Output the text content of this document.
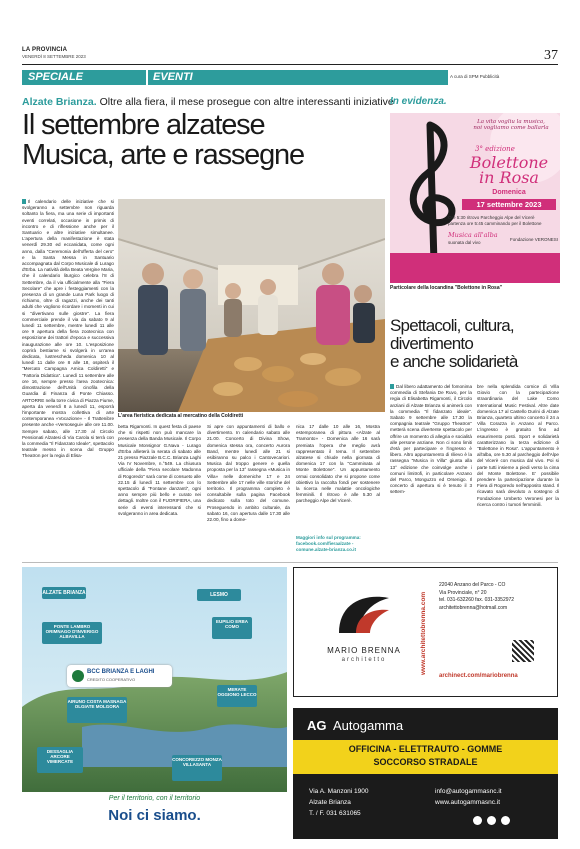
LA PROVINCIA
VENERDÌ 8 SETTEMBRE 2023	37
SPECIALE	EVENTI	A cura di SPM Pubblicità
Alzate Brianza. Oltre alla fiera, il mese prosegue con altre interessanti iniziative
Il settembre alzatese
Musica, arte e rassegne
Il calendario delle iniziative che si svolgeranno a settembre non riguarda soltanto la fiera, ma una serie di importanti eventi correlati, occasione in primis di incontro e di riflessione anche per il Santuario e altre iniziative simultanee. L'apertura della manifestazione è stata venerdì 29.30 ed eccanidata, come ogni anno, dalla "Ceremonia dell'offerta del cero" e la Santa Messa in Santuario accompagnata dal Corpo Musicale di Lurago d'Erba. La natività della Beata Vergine Maria, che il calendario liturgico celebra l'8 di Settembre, da il via ufficialmente alla "Fiera Secolare" che apre i festeggiamenti con la presenza di un grande Luna Park luogo di richiamo, oltre di ragazzi, anche dei tanti adulti che vogliono ricordare i momenti in cui si "divertivano sulle giostre". La fiera commerciale prende il via da sabato 9 al lunedì 11 settembre, mentre lunedì 11 alle ore 9 apertura della fiera zootecnica con esposizione dei trattori d'epoca e successiva inaugurazione alle ore 10. L'esposizione coprirà bestiame si svolgerà in un'area dedicata, lustrescheda domenica 10 al lunedì 11 dalle ore 8 alle 18, ospiterà il "Mercato Campagna Amica Coldiretti" e "Fattoria Didattica". Lunedì 11 settembre alle ore 16, sempre presso l'area zootecnica: dimostrazione dell'Unità cinofila della Guardia di Finanza di Ponte Chiasso. ARTORRE nella torre civica di Piazza Fiume, aperta da venerdì 8 a lunedì 11, esporrà l'importante mostra collettiva di arte contemporanea «Vocazione» - Il Trattenibre presente anche «Versosegui» alle ore 11.00. Sempre sabato, alle 17.30 al Circolo Pensionati Alzatesi di Via Carola si terrà con la commedia "Il Fidanzato Ideale", spettacolo teatrale messo in scena dal Gruppo Theatron per la regia di Elisa-
L'area fieristica dedicata al mercatino della Coldiretti
betta Rigamonti. In quest festa di paese che si rispetti non può mancare la presenza della Banda Musicale. Il Corpo Musicale Monsignor G.Nava - Lurago d'Erba allieterà la serata di sabato alle 21 presso Piazzale B.C.C. Brianza Laghi Via IV Novembre, n.°549. La chiusura ufficiale della "Fiera secolare Madonna di Rogoredo" sarà come di consueto alle 22.15 di lunedì 11 settembre con lo spettacolo di "Fontane danzanti", ogni anno sempre più bello e curato nei dettagli. Inoltre con il FUORIFIERA, una serie di eventi interessanti che si svolgeranno in area dedicata.
Si apre con appuntamenti di ballo e divertimento. In calendario sabato alle 21.00. Concerto di Divina Show, domenica stessa ora, concerto Aurora Band, mentre lunedì alle 21 si esibiranno su palco i Cantovecariori. Musica dal troppo genere e quella proposta per la 13° rassegna «Musica in Villa» nelle domeniche 17 e 24 Settembre alle 17 nelle ville storiche del territorio. Il programma completo è consultabile sulla pagina Facebook dedicato sulla toto del comune. Proseguendo in ambito culturale, da sabato 16, con apertura dalle 17.30 alle 22.00, fino a dome-
nica 17 dalle 10 alle 16, Mostra estemporanea di pittura «Alzate al Tramonto» - Domenica alle 16 sarà premiata l'opera che meglio avrà rappresentato il tema. Il settembre alzatese si chiude nella giornata di domenica 17 con la "Camminata al Monte Bolettone". Un appuntamento ormai consolidato che si propone come obiettivo la raccolta fondi per sostenere la ricerca nelle malattie oncologiche femminili. Il ritrovo è alle 5.30 al parcheggio Alpe del Vicerè.
Maggiori info sul programma: facebook.com/fieraalzate - comune.alzate-brianza.co.it
In evidenza.
La vita vogliu la musica,
noi vogliamo come ballarla
3° edizione
Bolettone
in Rosa
Domenica
17 settembre 2023
Ore 5:30 ritrovo Parcheggio Alpe del Vicerè
partenza ore 5:45 camminando per il Bolettone
Musica all'alba
suonata dal vivo
Fondazione VERONESI
Particolare della locandina "Bolettone in Rosa"
Spettacoli, cultura,
divertimento
e anche solidarietà
Dal libero adattamento del fomonima commedia di Stefania De Ruvo, per la regia di Elisabetta Rigamonti, il Circolo anziani di Alzate Brianza si animerà con la commedia "Il fidanzato ideale". Sabato 9 settembre alle 17.30 la compagnia teatrale "Gruppo Theatron" metterà scena divertente spettacolo per offrire un momento di allegria e socialità alle persone anziane. Non ci sono limiti d'età per partecipare e l'ingresso è libero. Altro appuntamento di rilievo è la rassegna "Musica in Villa" giunta alla 13° edizione che coinvolge anche i comuni limitrofi, in particolare Anzano del Parco, Monguzzo ed Orsenigo. Il concerto di apertura si è tenuto il 3 settem-
bre nella splendida cornice di Villa Giovio con la partecipazione straordinaria del Lake Como International Music Festival. Altre date domenica 17 al Castello Durini di Alzate Brianza, quarteto ultimo concerto il 24 a Villa Corazza in Anzano al Parco. L'ingresso è gratuito fino ad esaurimento posti. Sport e solidarietà caratterizzano la terza edizione di "Bolettone in Rosa". L'appuntamento è all'alba, ore 5.30 al parcheggio dell'Alpe del Vicerè con musica dal vivo. Poi si parte tutti insieme a piedi verso la cima del Monte Bolettone. E' possibile prendere la partecipazione durante la Fiera di Rogoredo nell'apposito stand. Il ricavato sarà devoluto a sostegno di Fondazione Umberto Veronesi per la ricerca contro i tumori femminili.
ALZATE BRIANZA	LESMO
PONTE LAMBRO ORIMNAGO D'INVERIGO ALBAVILLA
EUPILIO ERBA COMO
BCC BRIANZA E LAGHI
CREDITO COOPERATIVO
AIRUNO COSTA MASNAGA OLGIATE MOLGORA
MERATE OGGIONO LECCO
DESSAGLIA ARCORE VIMERCATE	CONCOREZZO MONZA VILLASANTA
Per il territorio, con il territorio
Noi ci siamo.
MARIO BRENNA
architetto	www.architettobrenna.com
22040 Anzano del Parco - CO
Via Provinciale, n° 20
tel. 031-632260 fax. 031-3352972
architettobrenna@hotmail.com
archinect.com/mariobrenna
AG Autogamma
OFFICINA - ELETTRAUTO - GOMME
SOCCORSO STRADALE
Via A. Manzoni 1900
Alzate Brianza
T. / F. 031 631065
info@autogammasnc.it
www.autogammasnc.it
